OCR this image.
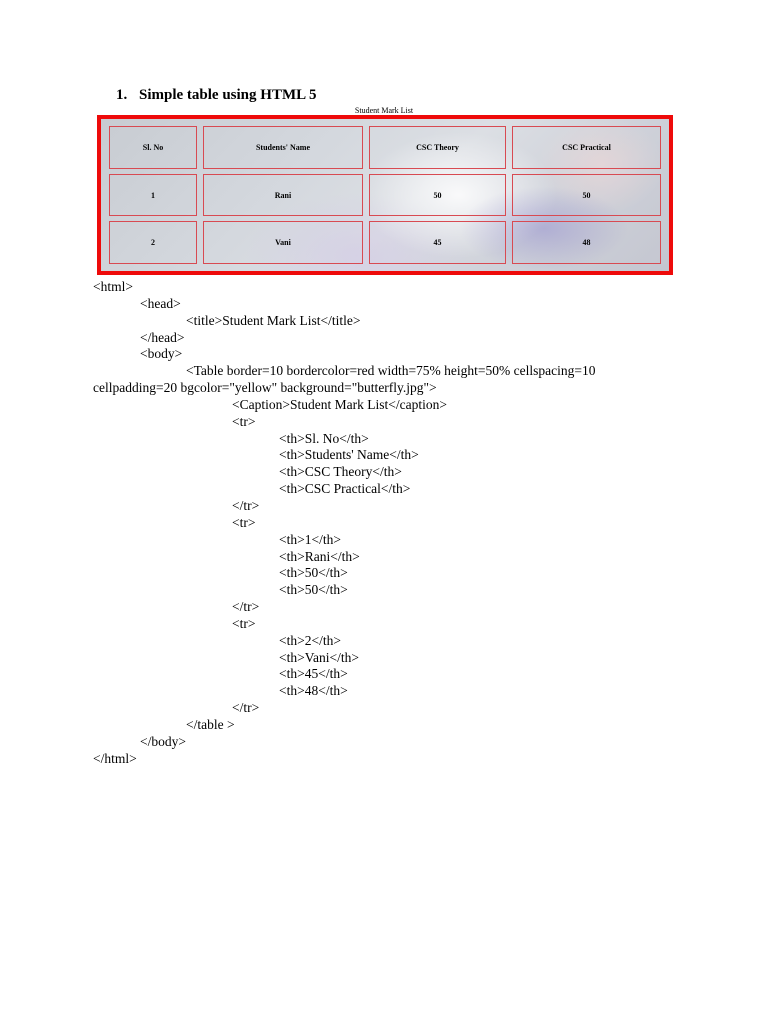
1. Simple table using HTML 5
Student Mark List
Sl. No	Students' Name	CSC Theory	CSC Practical
1	Rani	50	50
2	Vani	45	48
<html>
<head>
<title>Student Mark List</title>
</head>
<body>
<Table border=10 bordercolor=red width=75% height=50% cellspacing=10
cellpadding=20 bgcolor="yellow" background="butterfly.jpg">
<Caption>Student Mark List</caption>
<tr>
<th>Sl. No</th>
<th>Students' Name</th>
<th>CSC Theory</th>
<th>CSC Practical</th>
</tr>
<tr>
<th>1</th>
<th>Rani</th>
<th>50</th>
<th>50</th>
</tr>
<tr>
<th>2</th>
<th>Vani</th>
<th>45</th>
<th>48</th>
</tr>
</table >
</body>
</html>
